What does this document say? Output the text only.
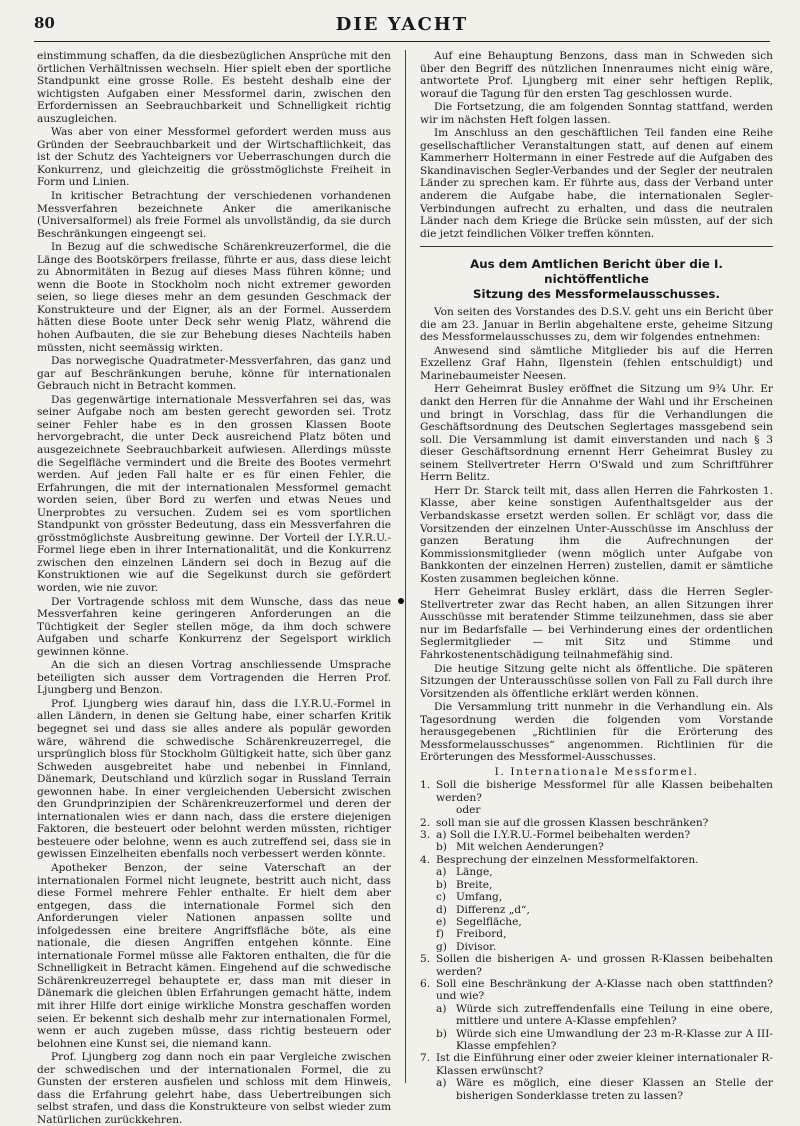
80	DIE YACHT

einstimmung schaffen, da die diesbezüglichen Ansprüche mit den örtlichen Verhältnissen wechseln. Hier spielt eben der sportliche Standpunkt eine grosse Rolle. Es besteht deshalb eine der wichtigsten Aufgaben einer Messformel darin, zwischen den Erfordernissen an Seebrauchbarkeit und Schnelligkeit richtig auszugleichen.

Was aber von einer Messformel gefordert werden muss aus Gründen der Seebrauchbarkeit und der Wirtschaftlichkeit, das ist der Schutz des Yachteigners vor Ueberraschungen durch die Konkurrenz, und gleichzeitig die grösstmöglichste Freiheit in Form und Linien.

In kritischer Betrachtung der verschiedenen vorhandenen Messverfahren bezeichnete Anker die amerikanische (Universalformel) als freie Formel als unvollständig, da sie durch Beschränkungen eingeengt sei.

In Bezug auf die schwedische Schärenkreuzerformel, die die Länge des Bootskörpers freilasse, führte er aus, dass diese leicht zu Abnormitäten in Bezug auf dieses Mass führen könne; und wenn die Boote in Stockholm noch nicht extremer geworden seien, so liege dieses mehr an dem gesunden Geschmack der Konstrukteure und der Eigner, als an der Formel. Ausserdem hätten diese Boote unter Deck sehr wenig Platz, während die hohen Aufbauten, die sie zur Behebung dieses Nachteils haben müssten, nicht seemässig wirkten.

Das norwegische Quadratmeter-Messverfahren, das ganz und gar auf Beschränkungen beruhe, könne für internationalen Gebrauch nicht in Betracht kommen.

Das gegenwärtige internationale Messverfahren sei das, was seiner Aufgabe noch am besten gerecht geworden sei. Trotz seiner Fehler habe es in den grossen Klassen Boote hervorgebracht, die unter Deck ausreichend Platz böten und ausgezeichnete Seebrauchbarkeit aufwiesen. Allerdings müsste die Segelfläche vermindert und die Breite des Bootes vermehrt werden. Auf jeden Fall halte er es für einen Fehler, die Erfahrungen, die mit der internationalen Messformel gemacht worden seien, über Bord zu werfen und etwas Neues und Unerprobtes zu versuchen. Zudem sei es vom sportlichen Standpunkt von grösster Bedeutung, dass ein Messverfahren die grösstmöglichste Ausbreitung gewinne. Der Vorteil der I.Y.R.U.-Formel liege eben in ihrer Internationalität, und die Konkurrenz zwischen den einzelnen Ländern sei doch in Bezug auf die Konstruktionen wie auf die Segelkunst durch sie gefördert worden, wie nie zuvor.

Der Vortragende schloss mit dem Wunsche, dass das neue Messverfahren keine geringeren Anforderungen an die Tüchtigkeit der Segler stellen möge, da ihm doch schwere Aufgaben und scharfe Konkurrenz der Segelsport wirklich gewinnen könne.

An die sich an diesen Vortrag anschliessende Umsprache beteiligten sich ausser dem Vortragenden die Herren Prof. Ljungberg und Benzon.

Prof. Ljungberg wies darauf hin, dass die I.Y.R.U.-Formel in allen Ländern, in denen sie Geltung habe, einer scharfen Kritik begegnet sei und dass sie alles andere als populär geworden wäre, während die schwedische Schärenkreuzerregel, die ursprünglich bloss für Stockholm Gültigkeit hatte, sich über ganz Schweden ausgebreitet habe und nebenbei in Finnland, Dänemark, Deutschland und kürzlich sogar in Russland Terrain gewonnen habe. In einer vergleichenden Uebersicht zwischen den Grundprinzipien der Schärenkreuzerformel und deren der internationalen wies er dann nach, dass die erstere diejenigen Faktoren, die besteuert oder belohnt werden müssten, richtiger besteuere oder belohne, wenn es auch zutreffend sei, dass sie in gewissen Einzelheiten ebenfalls noch verbessert werden könnte.

Apotheker Benzon, der seine Vaterschaft an der internationalen Formel nicht leugnete, bestritt auch nicht, dass diese Formel mehrere Fehler enthalte. Er hielt dem aber entgegen, dass die internationale Formel sich den Anforderungen vieler Nationen anpassen sollte und infolgedessen eine breitere Angriffsfläche böte, als eine nationale, die diesen Angriffen entgehen könnte. Eine internationale Formel müsse alle Faktoren enthalten, die für die Schnelligkeit in Betracht kämen. Eingehend auf die schwedische Schärenkreuzerregel behauptete er, dass man mit dieser in Dänemark die gleichen üblen Erfahrungen gemacht hätte, indem mit ihrer Hilfe dort einige wirkliche Monstra geschaffen worden seien. Er bekennt sich deshalb mehr zur internationalen Formel, wenn er auch zugeben müsse, dass richtig besteuern oder belohnen eine Kunst sei, die niemand kann.

Prof. Ljungberg zog dann noch ein paar Vergleiche zwischen der schwedischen und der internationalen Formel, die zu Gunsten der ersteren ausfielen und schloss mit dem Hinweis, dass die Erfahrung gelehrt habe, dass Uebertreibungen sich selbst strafen, und dass die Konstrukteure von selbst wieder zum Natürlichen zurückkehren.

Auf eine Behauptung Benzons, dass man in Schweden sich über den Begriff des nützlichen Innenraumes nicht einig wäre, antwortete Prof. Ljungberg mit einer sehr heftigen Replik, worauf die Tagung für den ersten Tag geschlossen wurde.

Die Fortsetzung, die am folgenden Sonntag stattfand, werden wir im nächsten Heft folgen lassen.

Im Anschluss an den geschäftlichen Teil fanden eine Reihe gesellschaftlicher Veranstaltungen statt, auf denen auf einem Kammerherr Holtermann in einer Festrede auf die Aufgaben des Skandinavischen Segler-Verbandes und der Segler der neutralen Länder zu sprechen kam. Er führte aus, dass der Verband unter anderem die Aufgabe habe, die internationalen Segler-Verbindungen aufrecht zu erhalten, und dass die neutralen Länder nach dem Kriege die Brücke sein müssten, auf der sich die jetzt feindlichen Völker treffen könnten.

Aus dem Amtlichen Bericht über die I. nichtöffentliche
Sitzung des Messformelausschusses.

Von seiten des Vorstandes des D.S.V. geht uns ein Bericht über die am 23. Januar in Berlin abgehaltene erste, geheime Sitzung des Messformelausschusses zu, dem wir folgendes entnehmen:

Anwesend sind sämtliche Mitglieder bis auf die Herren Exzellenz Graf Hahn, Ilgenstein (fehlen entschuldigt) und Marinebaumeister Neesen.

Herr Geheimrat Busley eröffnet die Sitzung um 9¾ Uhr. Er dankt den Herren für die Annahme der Wahl und ihr Erscheinen und bringt in Vorschlag, dass für die Verhandlungen die Geschäftsordnung des Deutschen Seglertages massgebend sein soll. Die Versammlung ist damit einverstanden und nach § 3 dieser Geschäftsordnung ernennt Herr Geheimrat Busley zu seinem Stellvertreter Herrn O'Swald und zum Schriftführer Herrn Belitz.

Herr Dr. Starck teilt mit, dass allen Herren die Fahrkosten 1. Klasse, aber keine sonstigen Aufenthaltsgelder aus der Verbandskasse ersetzt werden sollen. Er schlägt vor, dass die Vorsitzenden der einzelnen Unter-Ausschüsse im Anschluss der ganzen Beratung ihm die Aufrechnungen der Kommissionsmitglieder (wenn möglich unter Aufgabe von Bankkonten der einzelnen Herren) zustellen, damit er sämtliche Kosten zusammen begleichen könne.

Herr Geheimrat Busley erklärt, dass die Herren Segler-Stellvertreter zwar das Recht haben, an allen Sitzungen ihrer Ausschüsse mit beratender Stimme teilzunehmen, dass sie aber nur im Bedarfsfalle — bei Verhinderung eines der ordentlichen Seglermitglieder — mit Sitz und Stimme und Fahrkostenentschädigung teilnahmefähig sind.

Die heutige Sitzung gelte nicht als öffentliche. Die späteren Sitzungen der Unterausschüsse sollen von Fall zu Fall durch ihre Vorsitzenden als öffentliche erklärt werden können.

Die Versammlung tritt nunmehr in die Verhandlung ein. Als Tagesordnung werden die folgenden vom Vorstande herausgegebenen „Richtlinien für die Erörterung des Messformelausschusses“ angenommen. Richtlinien für die Erörterungen des Messformel-Ausschusses.

I. Internationale Messformel.

1. Soll die bisherige Messformel für alle Klassen beibehalten werden?
oder
2. soll man sie auf die grossen Klassen beschränken?
3. a) Soll die I.Y.R.U.-Formel beibehalten werden?
b) Mit welchen Aenderungen?
4. Besprechung der einzelnen Messformelfaktoren.
a) Länge,
b) Breite,
c) Umfang,
d) Differenz „d“,
e) Segelfläche,
f) Freibord,
g) Divisor.
5. Sollen die bisherigen A- und grossen R-Klassen beibehalten werden?
6. Soll eine Beschränkung der A-Klasse nach oben stattfinden? und wie?
a) Würde sich zutreffendenfalls eine Teilung in eine obere, mittlere und untere A-Klasse empfehlen?
b) Würde sich eine Umwandlung der 23 m-R-Klasse zur A III-Klasse empfehlen?
7. Ist die Einführung einer oder zweier kleiner internationaler R-Klassen erwünscht?
a) Wäre es möglich, eine dieser Klassen an Stelle der bisherigen Sonderklasse treten zu lassen?
